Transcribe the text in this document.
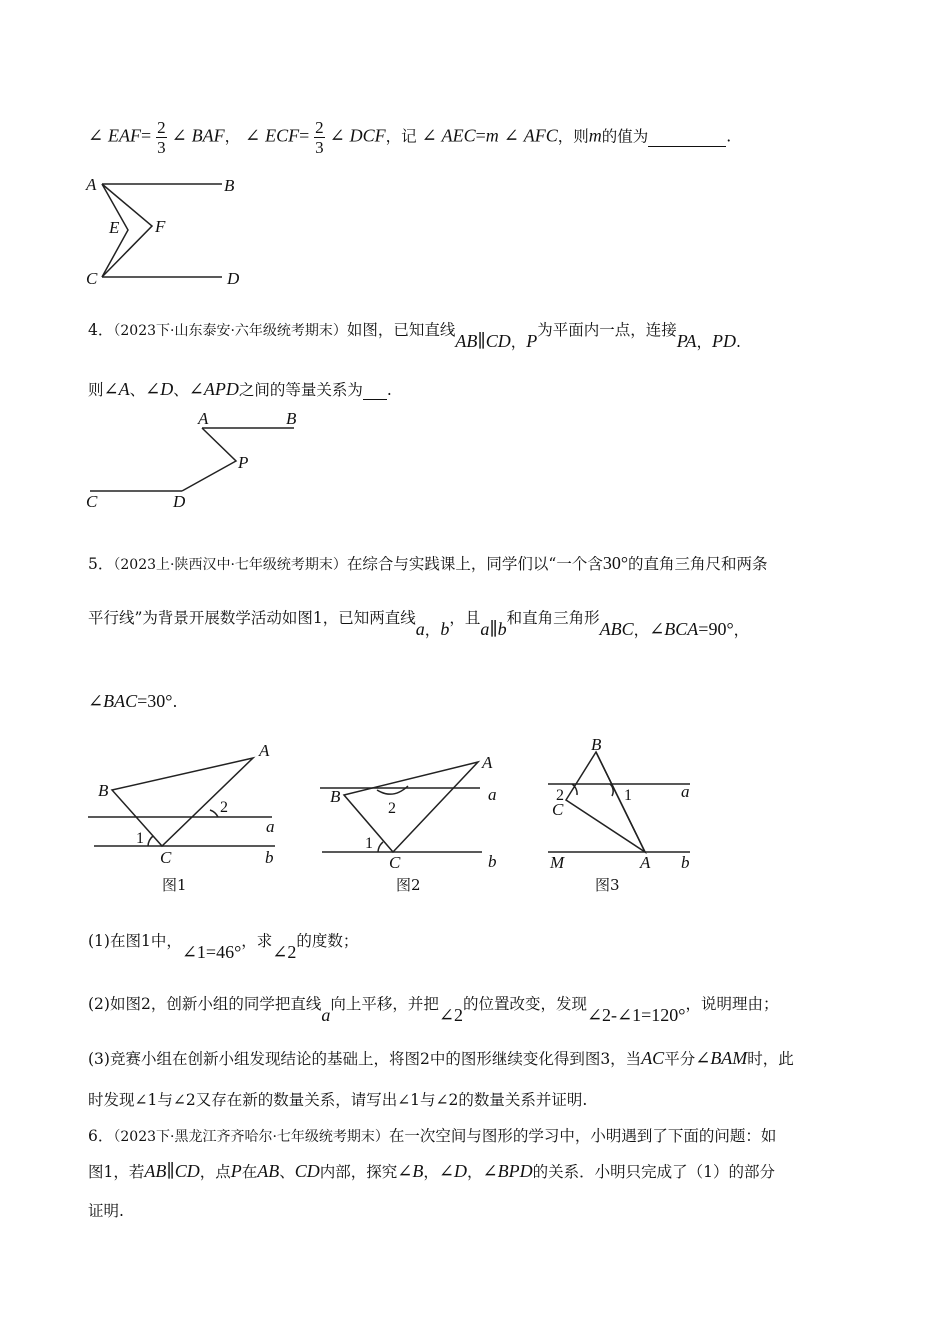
∠ $EAF= \frac{2}{3}$ ∠ BAF， ∠ $ECF= \frac{2}{3}$ ∠ DCF，记 ∠ AEC=m ∠ AFC，则m的值为	.
A	B
E F
C	D
4．（2023下·山东泰安·六年级统考期末）如图，已知直线AB∥CD，P为平面内一点，连接PA，PD.
则∠A、∠D、∠APD之间的等量关系为 .
A	B
P
C	D
5．（2023上·陕西汉中·七年级统考期末）在综合与实践课上，同学们以“一个含30°的直角三角尺和两条
平行线”为背景开展数学活动如图1，已知两直线a，b，且a∥b和直角三角形ABC，∠BCA=90°，
∠BAC=30°.
A
B
C
a
b
1
2
图1
A
B
C
a
b
1
2
图2
B
C
A
M
a
b
1
2
图3
(1)在图1中，∠1=46°，求∠2的度数；
(2)如图2，创新小组的同学把直线a向上平移，并把∠2的位置改变，发现∠2-∠1=120°，说明理由；
(3)竞赛小组在创新小组发现结论的基础上，将图2中的图形继续变化得到图3，当AC平分∠BAM时，此
时发现∠1与∠2又存在新的数量关系，请写出∠1与∠2的数量关系并证明.
6．（2023下·黑龙江齐齐哈尔·七年级统考期末）在一次空间与图形的学习中，小明遇到了下面的问题：如
图1，若AB∥CD，点P在AB、CD内部，探究∠B，∠D，∠BPD的关系．小明只完成了（1）的部分
证明.
